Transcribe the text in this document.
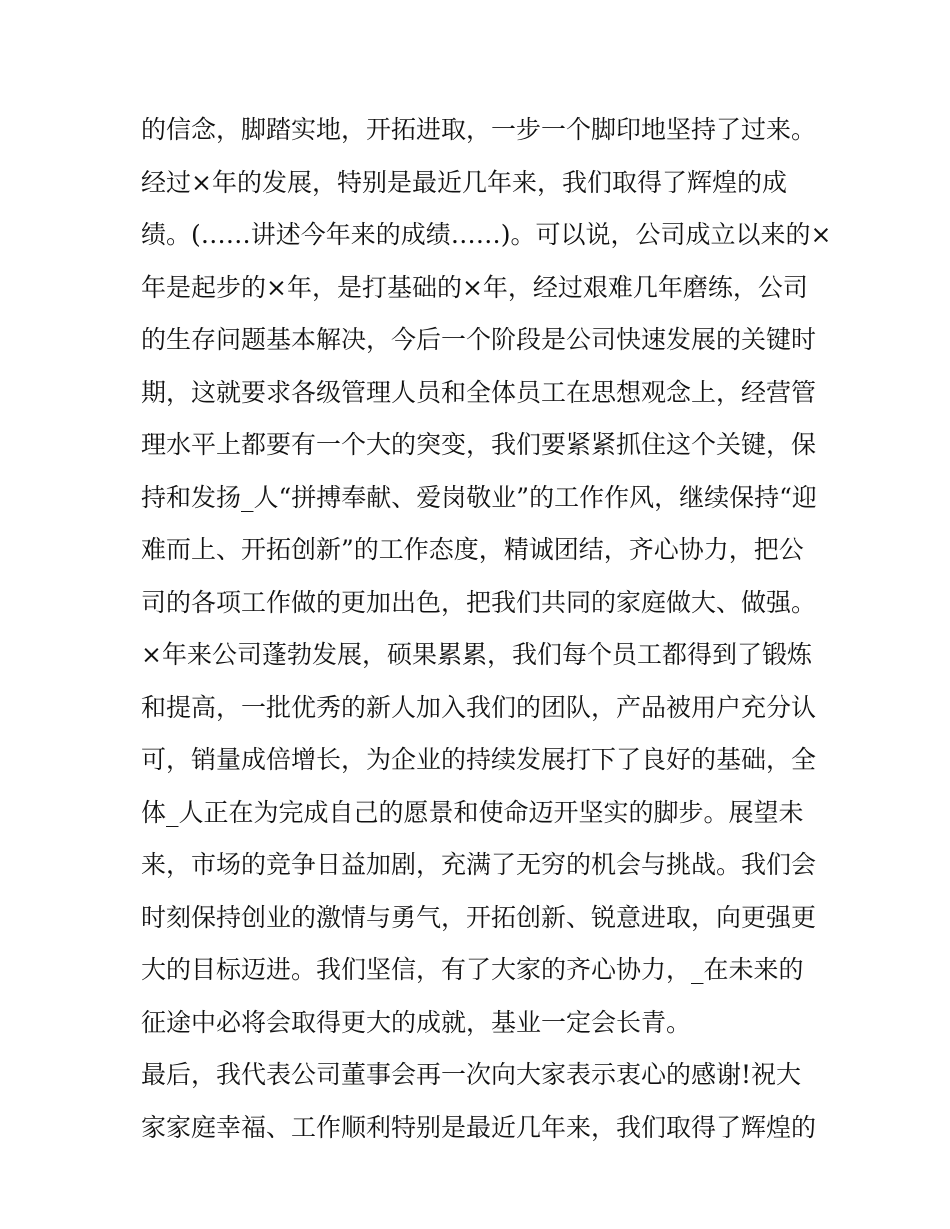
的信念，脚踏实地，开拓进取，一步一个脚印地坚持了过来。
经过×年的发展，特别是最近几年来，我们取得了辉煌的成
绩。(……讲述今年来的成绩……)。可以说，公司成立以来的×
年是起步的×年，是打基础的×年，经过艰难几年磨练，公司
的生存问题基本解决，今后一个阶段是公司快速发展的关键时
期，这就要求各级管理人员和全体员工在思想观念上，经营管
理水平上都要有一个大的突变，我们要紧紧抓住这个关键，保
持和发扬_人“拼搏奉献、爱岗敬业”的工作作风，继续保持“迎
难而上、开拓创新”的工作态度，精诚团结，齐心协力，把公
司的各项工作做的更加出色，把我们共同的家庭做大、做强。
×年来公司蓬勃发展，硕果累累，我们每个员工都得到了锻炼
和提高，一批优秀的新人加入我们的团队，产品被用户充分认
可，销量成倍增长，为企业的持续发展打下了良好的基础，全
体_人正在为完成自己的愿景和使命迈开坚实的脚步。展望未
来，市场的竞争日益加剧，充满了无穷的机会与挑战。我们会
时刻保持创业的激情与勇气，开拓创新、锐意进取，向更强更
大的目标迈进。我们坚信，有了大家的齐心协力，_在未来的
征途中必将会取得更大的成就，基业一定会长青。
最后，我代表公司董事会再一次向大家表示衷心的感谢!祝大
家家庭幸福、工作顺利特别是最近几年来，我们取得了辉煌的
